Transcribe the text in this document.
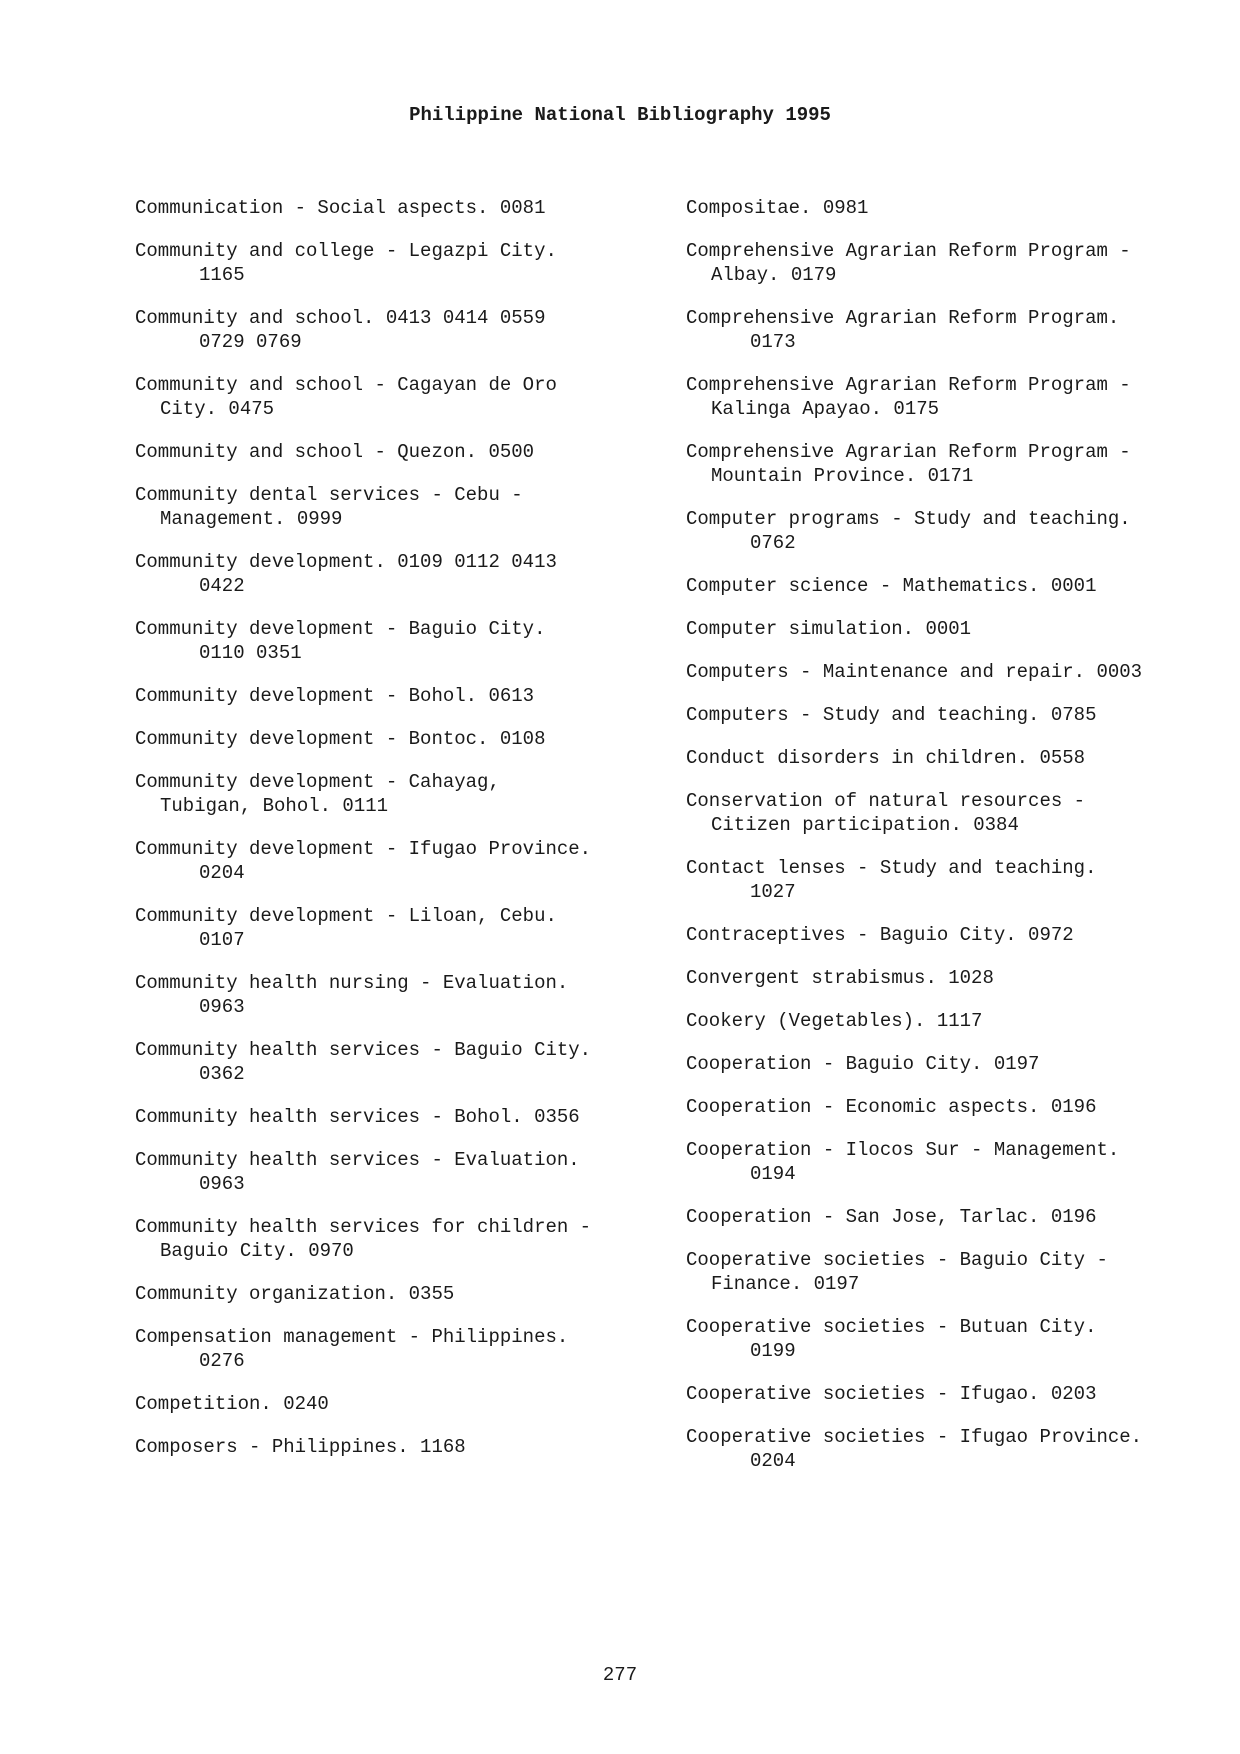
Philippine National Bibliography 1995

Communication - Social aspects. 0081

Community and college - Legazpi City.
1165

Community and school. 0413 0414 0559
0729 0769

Community and school - Cagayan de Oro
City. 0475

Community and school - Quezon. 0500

Community dental services - Cebu -
Management. 0999

Community development. 0109 0112 0413
0422

Community development - Baguio City.
0110 0351

Community development - Bohol. 0613

Community development - Bontoc. 0108

Community development - Cahayag,
Tubigan, Bohol. 0111

Community development - Ifugao Province.
0204

Community development - Liloan, Cebu.
0107

Community health nursing - Evaluation.
0963

Community health services - Baguio City.
0362

Community health services - Bohol. 0356

Community health services - Evaluation.
0963

Community health services for children -
Baguio City. 0970

Community organization. 0355

Compensation management - Philippines.
0276

Competition. 0240

Composers - Philippines. 1168

Compositae. 0981

Comprehensive Agrarian Reform Program -
Albay. 0179

Comprehensive Agrarian Reform Program.
0173

Comprehensive Agrarian Reform Program -
Kalinga Apayao. 0175

Comprehensive Agrarian Reform Program -
Mountain Province. 0171

Computer programs - Study and teaching.
0762

Computer science - Mathematics. 0001

Computer simulation. 0001

Computers - Maintenance and repair. 0003

Computers - Study and teaching. 0785

Conduct disorders in children. 0558

Conservation of natural resources -
Citizen participation. 0384

Contact lenses - Study and teaching.
1027

Contraceptives - Baguio City. 0972

Convergent strabismus. 1028

Cookery (Vegetables). 1117

Cooperation - Baguio City. 0197

Cooperation - Economic aspects. 0196

Cooperation - Ilocos Sur - Management.
0194

Cooperation - San Jose, Tarlac. 0196

Cooperative societies - Baguio City -
Finance. 0197

Cooperative societies - Butuan City.
0199

Cooperative societies - Ifugao. 0203

Cooperative societies - Ifugao Province.
0204

277
